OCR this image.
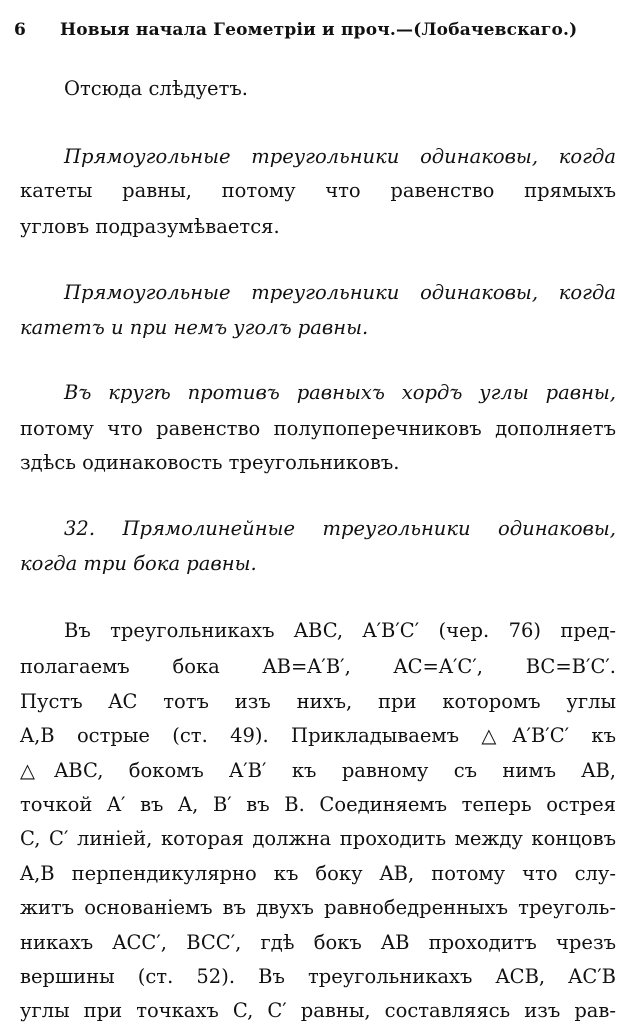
6 Новыя начала Геометріи и проч.—(Лобачевскаго.)
Отсюда слѣдуетъ.
Прямоугольные треугольники одинаковы, когда
катеты равны, потому что равенство прямыхъ
угловъ подразумѣвается.
Прямоугольные треугольники одинаковы, когда
катетъ и при немъ уголъ равны.
Въ кругѣ противъ равныхъ хордъ углы равны,
потому что равенство полупоперечниковъ дополняетъ
здѣсь одинаковость треугольниковъ.
32. Прямолинейные треугольники одинаковы,
когда три бока равны.
Въ треугольникахъ ABC, A′B′C′ (чер. 76) пред-
полагаемъ бока AB=A′B′, AC=A′C′, BC=B′C′.
Пустъ AC тотъ изъ нихъ, при которомъ углы
A,B острые (ст. 49). Прикладываемъ △A′B′C′ къ
△ABC, бокомъ A′B′ къ равному съ нимъ AB,
точкой A′ въ A, B′ въ B. Соединяемъ теперь острея
C, C′ линiей, которая должна проходить между концовъ
A,B перпендикулярно къ боку AB, потому что слу-
житъ основанiемъ въ двухъ равнобедренныхъ треуголь-
никахъ ACC′, BCC′, гдѣ бокъ AB проходитъ чрезъ
вершины (ст. 52). Въ треугольникахъ ACB, AC′B
углы при точкахъ C, C′ равны, составляясь изъ рав-
